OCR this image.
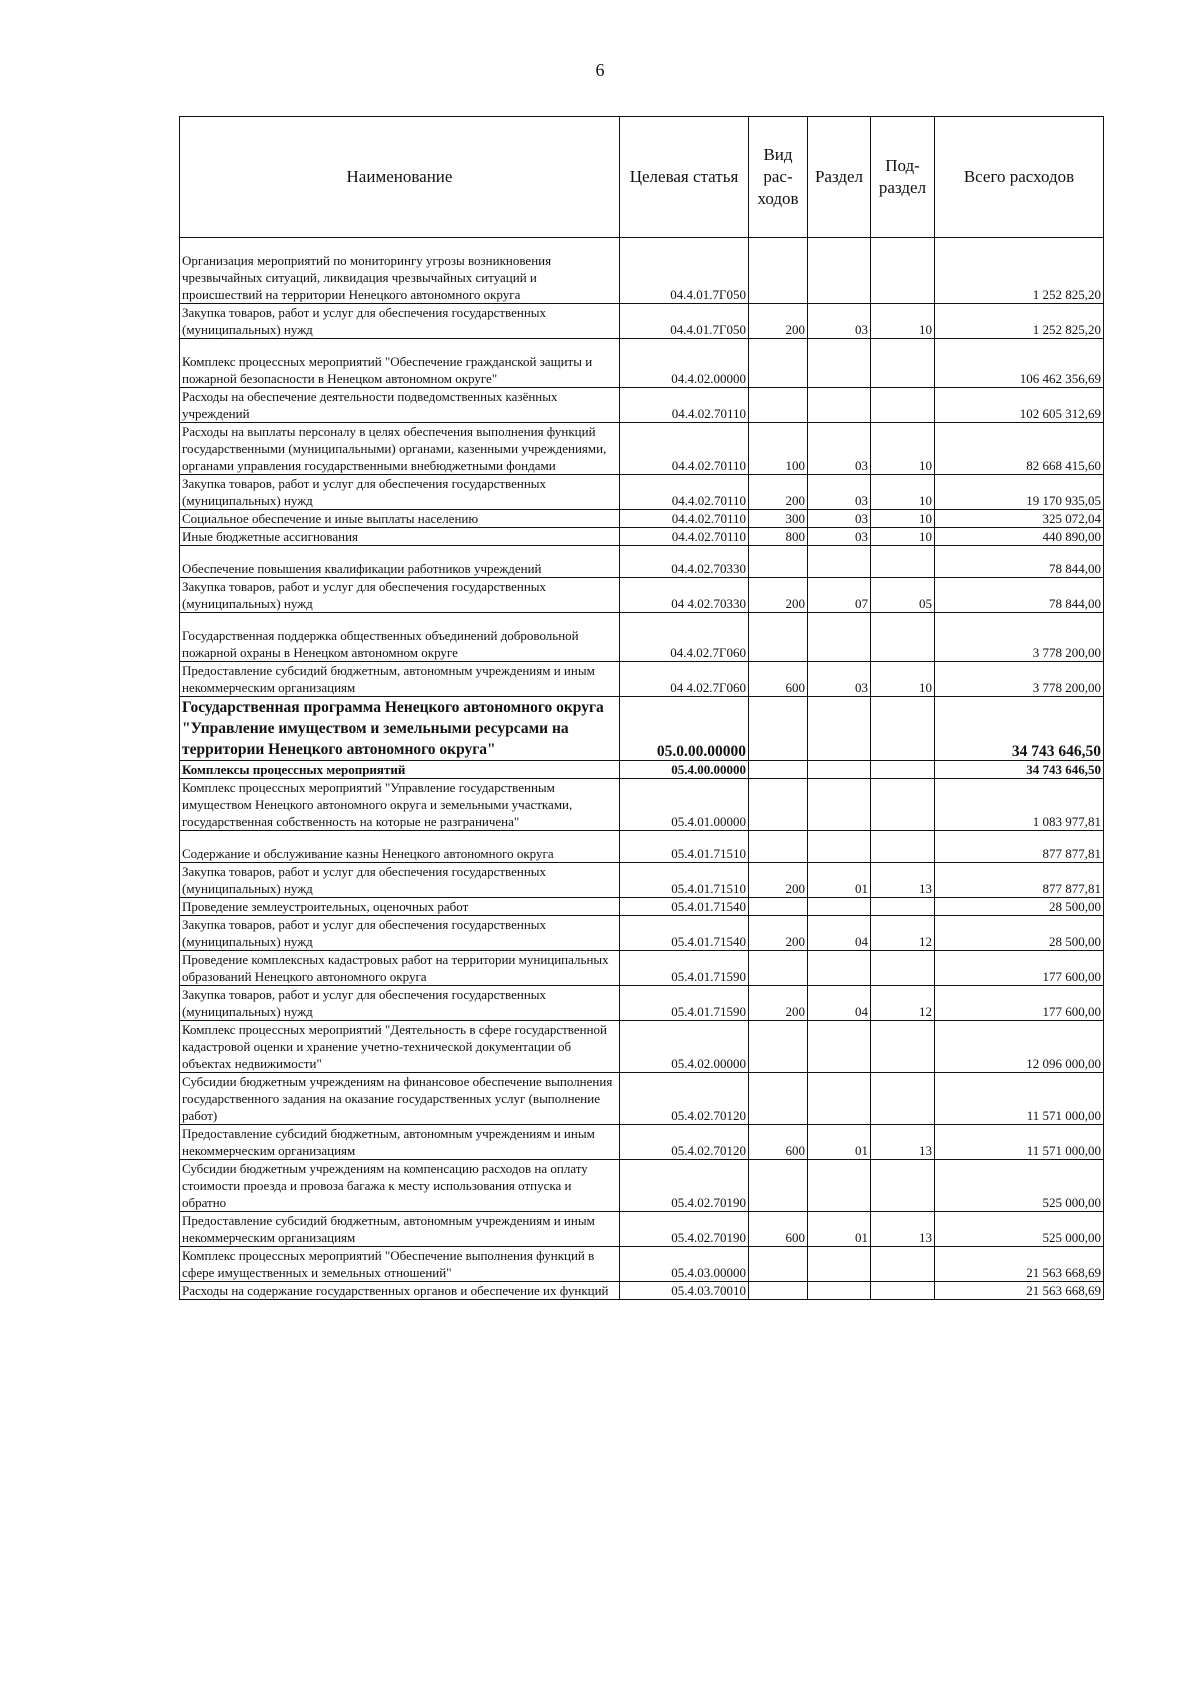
6
Наименование	Целевая статья	Вид рас-ходов	Раздел	Под-раздел	Всего расходов
Организация мероприятий по мониторингу угрозы возникновения чрезвычайных ситуаций, ликвидация чрезвычайных ситуаций и происшествий на территории Ненецкого автономного округа	04.4.01.7Г050				1 252 825,20
Закупка товаров, работ и услуг для обеспечения государственных (муниципальных) нужд	04.4.01.7Г050	200	03	10	1 252 825,20
Комплекс процессных мероприятий "Обеспечение гражданской защиты и пожарной безопасности в Ненецком автономном округе"	04.4.02.00000				106 462 356,69
Расходы на обеспечение деятельности подведомственных казённых учреждений	04.4.02.70110				102 605 312,69
Расходы на выплаты персоналу в целях обеспечения выполнения функций государственными (муниципальными) органами, казенными учреждениями, органами управления государственными внебюджетными фондами	04.4.02.70110	100	03	10	82 668 415,60
Закупка товаров, работ и услуг для обеспечения государственных (муниципальных) нужд	04.4.02.70110	200	03	10	19 170 935,05
Социальное обеспечение и иные выплаты населению	04.4.02.70110	300	03	10	325 072,04
Иные бюджетные ассигнования	04.4.02.70110	800	03	10	440 890,00
Обеспечение повышения квалификации работников учреждений	04.4.02.70330				78 844,00
Закупка товаров, работ и услуг для обеспечения государственных (муниципальных) нужд	04 4.02.70330	200	07	05	78 844,00
Государственная поддержка общественных объединений добровольной пожарной охраны в Ненецком автономном округе	04.4.02.7Г060				3 778 200,00
Предоставление субсидий бюджетным, автономным учреждениям и иным некоммерческим организациям	04 4.02.7Г060	600	03	10	3 778 200,00
Государственная программа Ненецкого автономного округа "Управление имуществом и земельными ресурсами на территории Ненецкого автономного округа"	05.0.00.00000				34 743 646,50
Комплексы процессных мероприятий	05.4.00.00000				34 743 646,50
Комплекс процессных мероприятий "Управление государственным имуществом Ненецкого автономного округа и земельными участками, государственная собственность на которые не разграничена"	05.4.01.00000				1 083 977,81
Содержание и обслуживание казны Ненецкого автономного округа	05.4.01.71510				877 877,81
Закупка товаров, работ и услуг для обеспечения государственных (муниципальных) нужд	05.4.01.71510	200	01	13	877 877,81
Проведение землеустроительных, оценочных работ	05.4.01.71540				28 500,00
Закупка товаров, работ и услуг для обеспечения государственных (муниципальных) нужд	05.4.01.71540	200	04	12	28 500,00
Проведение комплексных кадастровых работ на территории муниципальных образований Ненецкого автономного округа	05.4.01.71590				177 600,00
Закупка товаров, работ и услуг для обеспечения государственных (муниципальных) нужд	05.4.01.71590	200	04	12	177 600,00
Комплекс процессных мероприятий "Деятельность в сфере государственной кадастровой оценки и хранение учетно-технической документации об объектах недвижимости"	05.4.02.00000				12 096 000,00
Субсидии бюджетным учреждениям на финансовое обеспечение выполнения государственного задания на оказание государственных услуг (выполнение работ)	05.4.02.70120				11 571 000,00
Предоставление субсидий бюджетным, автономным учреждениям и иным некоммерческим организациям	05.4.02.70120	600	01	13	11 571 000,00
Субсидии бюджетным учреждениям на компенсацию расходов на оплату стоимости проезда и провоза багажа к месту использования отпуска и обратно	05.4.02.70190				525 000,00
Предоставление субсидий бюджетным, автономным учреждениям и иным некоммерческим организациям	05.4.02.70190	600	01	13	525 000,00
Комплекс процессных мероприятий "Обеспечение выполнения функций в сфере имущественных и земельных отношений"	05.4.03.00000				21 563 668,69
Расходы на содержание государственных органов и обеспечение их функций	05.4.03.70010				21 563 668,69
